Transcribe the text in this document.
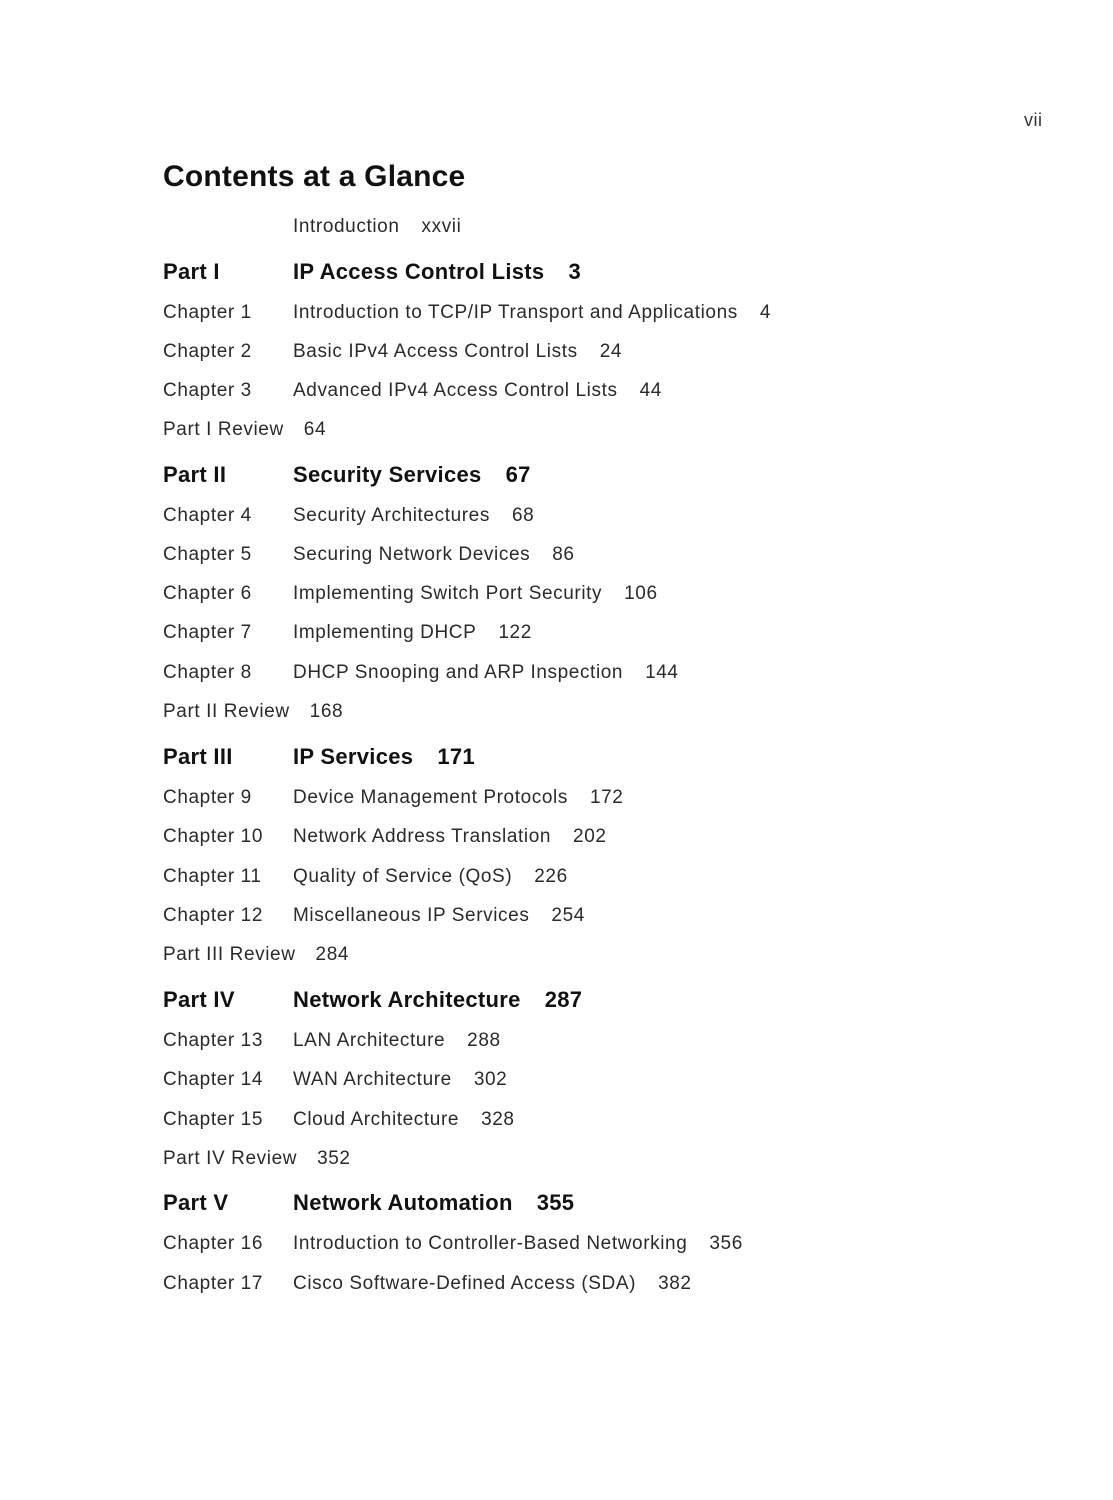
vii
Contents at a Glance
Introduction xxvii
Part I	IP Access Control Lists 3
Chapter 1 Introduction to TCP/IP Transport and Applications 4
Chapter 2 Basic IPv4 Access Control Lists 24
Chapter 3 Advanced IPv4 Access Control Lists 44
Part I Review 64
Part II	Security Services 67
Chapter 4 Security Architectures 68
Chapter 5 Securing Network Devices 86
Chapter 6 Implementing Switch Port Security 106
Chapter 7 Implementing DHCP 122
Chapter 8 DHCP Snooping and ARP Inspection 144
Part II Review 168
Part III	IP Services 171
Chapter 9 Device Management Protocols 172
Chapter 10 Network Address Translation 202
Chapter 11 Quality of Service (QoS) 226
Chapter 12 Miscellaneous IP Services 254
Part III Review 284
Part IV	Network Architecture 287
Chapter 13 LAN Architecture 288
Chapter 14 WAN Architecture 302
Chapter 15 Cloud Architecture 328
Part IV Review 352
Part V	Network Automation 355
Chapter 16 Introduction to Controller-Based Networking 356
Chapter 17 Cisco Software-Defined Access (SDA) 382
